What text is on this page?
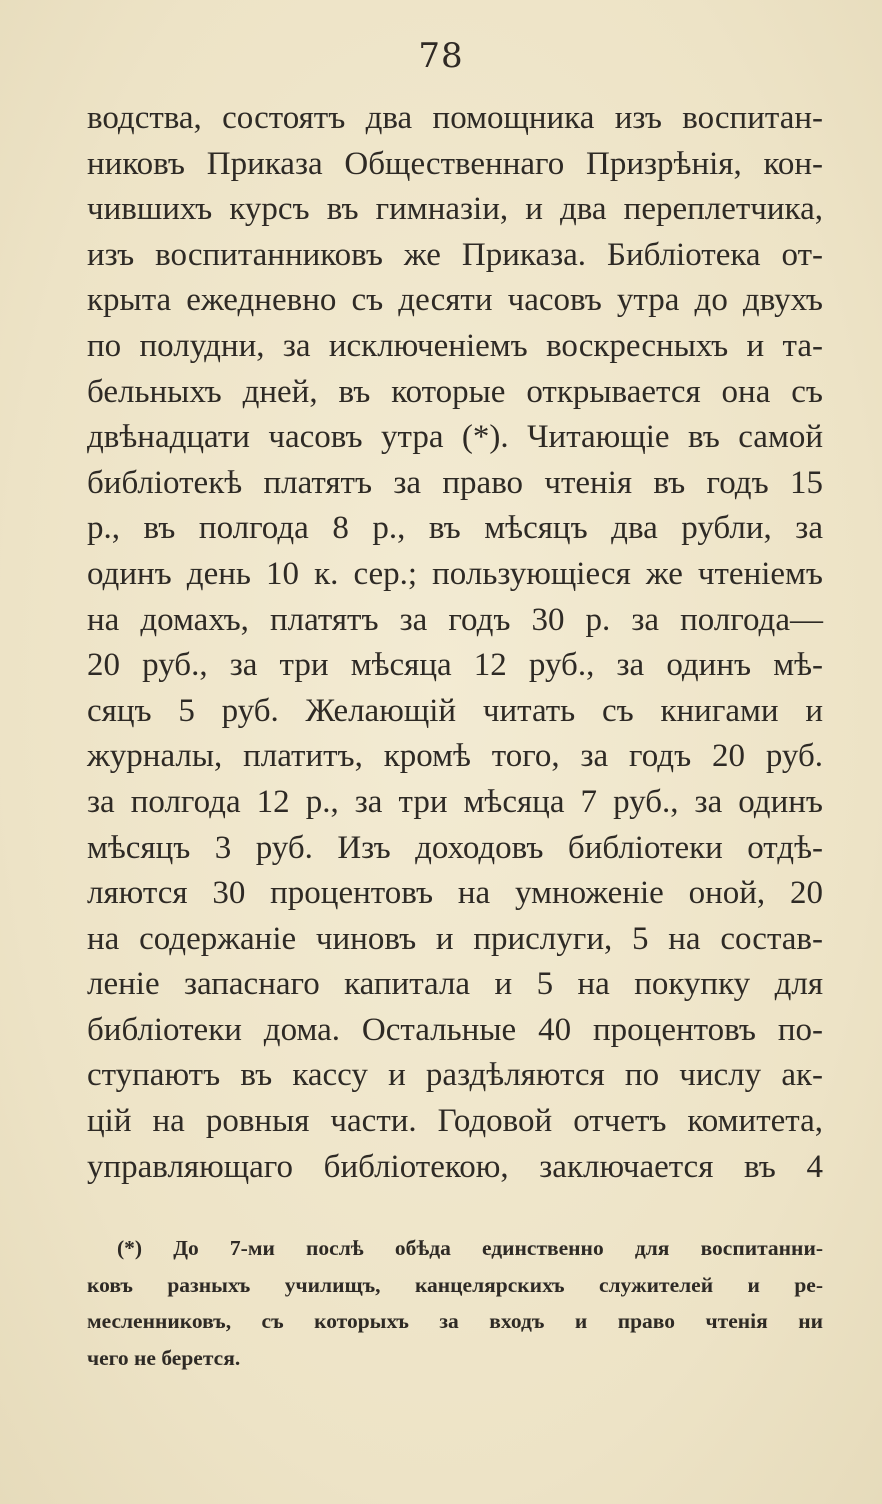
78
водства, состоятъ два помощника изъ воспитан-
никовъ Приказа Общественнаго Призрѣнія, кон-
чившихъ курсъ въ гимназіи, и два переплетчика,
изъ воспитанниковъ же Приказа. Библіотека от-
крыта ежедневно съ десяти часовъ утра до двухъ
по полудни, за исключеніемъ воскресныхъ и та-
бельныхъ дней, въ которые открывается она съ
двѣнадцати часовъ утра (*). Читающіе въ самой
библіотекѣ платятъ за право чтенія въ годъ 15
р., въ полгода 8 р., въ мѣсяцъ два рубли, за
одинъ день 10 к. сер.; пользующіеся же чтеніемъ
на домахъ, платятъ за годъ 30 р. за полгода—
20 руб., за три мѣсяца 12 руб., за одинъ мѣ-
сяцъ 5 руб. Желающій читать съ книгами и
журналы, платитъ, кромѣ того, за годъ 20 руб.
за полгода 12 р., за три мѣсяца 7 руб., за одинъ
мѣсяцъ 3 руб. Изъ доходовъ библіотеки отдѣ-
ляются 30 процентовъ на умноженіе оной, 20
на содержаніе чиновъ и прислуги, 5 на состав-
леніе запаснаго капитала и 5 на покупку для
библіотеки дома. Остальные 40 процентовъ по-
ступаютъ въ кассу и раздѣляются по числу ак-
цій на ровныя части. Годовой отчетъ комитета,
управляющаго библіотекою, заключается въ 4
(*) До 7-ми послѣ обѣда единственно для воспитанни-
ковъ разныхъ училищъ, канцелярскихъ служителей и ре-
месленниковъ, съ которыхъ за входъ и право чтенія ни
чего не берется.
